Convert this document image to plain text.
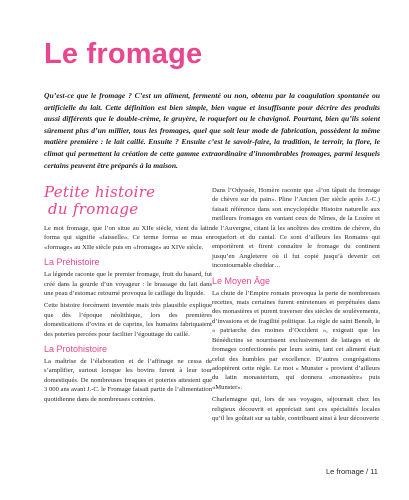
Le fromage

Qu’est-ce que le fromage ? C’est un aliment, fermenté ou non, obtenu par la coagulation spontanée ou artificielle du lait. Cette définition est bien simple, bien vague et insuffisante pour décrire des produits aussi différents que le double-crème, le gruyère, le roquefort ou le chavignol. Pourtant, bien qu’ils soient sûrement plus d’un millier, tous les fromages, quel que soit leur mode de fabrication, possèdent la même matière première : le lait caillé. Ensuite ? Ensuite c’est le savoir-faire, la tradition, le terroir, la flore, le climat qui permettent la création de cette gamme extraordinaire d’innombrables fromages, parmi lesquels certains peuvent être préparés à la maison.

Petite histoire
du fromage

Le mot fromage, que l’on situe au XIIe siècle, vient du latin forma qui signifie «faisselle». Ce terme forma se mua en «formage» au XIIe siècle puis en «fromage» au XIVe siècle.

La Préhistoire

La légende raconte que le premier fromage, fruit du hasard, fut créé dans la gourde d’un voyageur : le brassage du lait dans une peau d’estomac retourné provoqua le caillage du liquide.

Cette histoire forcément inventée mais très plausible explique que dès l’époque néolithique, lors des premières domestications d’ovins et de caprins, les humains fabriquaient des poteries percées pour faciliter l’égouttage du caillé.

La Protohistoire

La maîtrise de l’élaboration et de l’affinage ne cessa de s’amplifier, surtout lorsque les bovins furent à leur tour domestiqués. De nombreuses fresques et poteries attestent que 3 000 ans avant J.-C. le Fromage faisait partie de l’alimentation quotidienne dans de nombreuses contrées.

Dans l’Odyssée, Homère raconte que «l’on tâpait du fromage de chèvre sur du pain». Pline l’Ancien (Ier siècle après J.-C.) faisait référence dans son encyclopédie Histoire naturelle aux meilleurs fromages en vantant ceux de Nîmes, de la Lozère et de l’Auvergne, citant là les ancêtres des crottins de chèvre, du roquefort et du cantal. Ce sont d’ailleurs les Romains qui emportèrent et firent connaître le fromage du continent jusqu’en Angleterre où il fut copié jusqu’à devenir cet incontournable cheddar…

Le Moyen Âge

La chute de l’Empire romain provoqua la perte de nombreuses recettes, mais certaines furent entretenues et perpétuées dans des monastères et purent traverser des siècles de soulèvements, d’invasions et de fragilité politique. La règle de saint Benoît, le « patriarche des moines d’Occident », exigeait que les Bénédictins se nourrissent exclusivement de laitages et de fromages confectionnés par leurs soins, tant cet aliment était celui des humbles par excellence. D’autres congrégations adoptèrent cette règle. Le mot « Munster » provient d’ailleurs du latin monasterium, qui donnera «monastère» puis «Munster».

Charlemagne qui, lors de ses voyages, séjournait chez les religieux découvrit et appréciait tant ces spécialités locales qu’il les goûtait sur sa table, contribuant ainsi à leur découverte

Le fromage / 11
